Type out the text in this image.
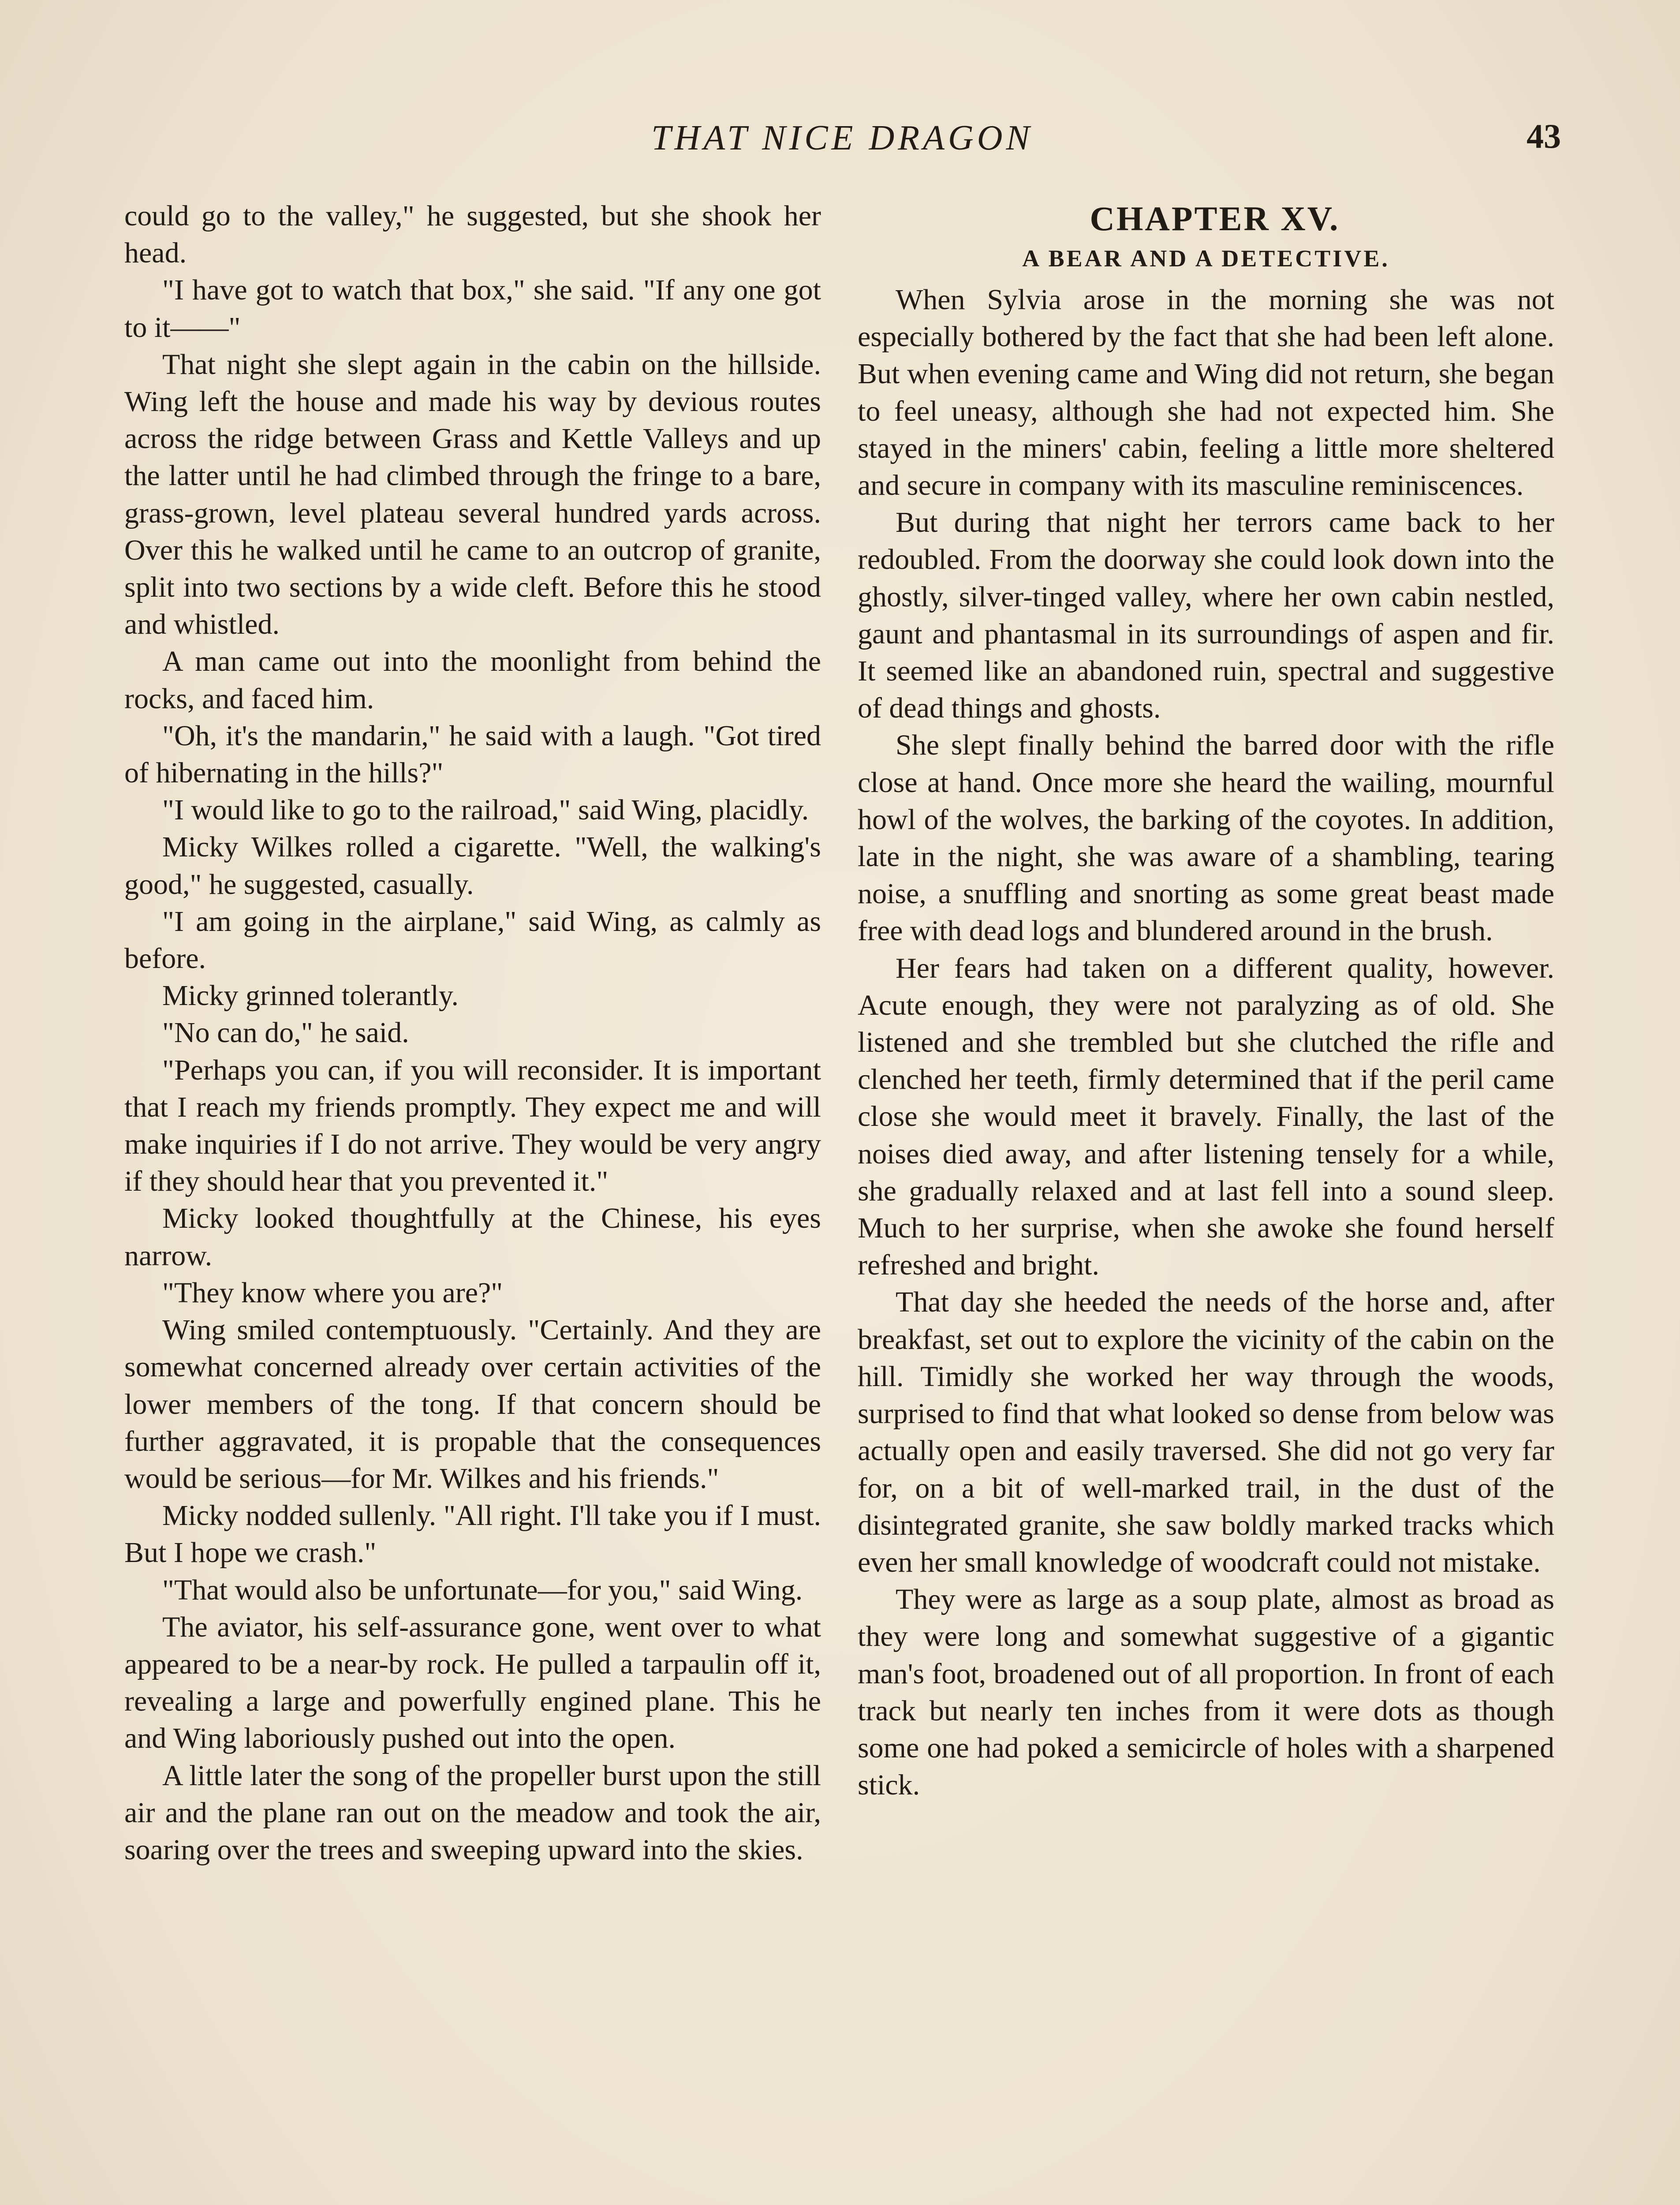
THAT NICE DRAGON	43

could go to the valley," he suggested, but she shook her head.

"I have got to watch that box," she said. "If any one got to it——"

That night she slept again in the cabin on the hillside. Wing left the house and made his way by devious routes across the ridge between Grass and Kettle Valleys and up the latter until he had climbed through the fringe to a bare, grass-grown, level plateau several hundred yards across. Over this he walked until he came to an outcrop of granite, split into two sections by a wide cleft. Before this he stood and whistled.

A man came out into the moonlight from behind the rocks, and faced him.

"Oh, it's the mandarin," he said with a laugh. "Got tired of hibernating in the hills?"

"I would like to go to the railroad," said Wing, placidly.

Micky Wilkes rolled a cigarette. "Well, the walking's good," he suggested, casually.

"I am going in the airplane," said Wing, as calmly as before.

Micky grinned tolerantly.

"No can do," he said.

"Perhaps you can, if you will reconsider. It is important that I reach my friends promptly. They expect me and will make inquiries if I do not arrive. They would be very angry if they should hear that you prevented it."

Micky looked thoughtfully at the Chinese, his eyes narrow.

"They know where you are?"

Wing smiled contemptuously. "Certainly. And they are somewhat concerned already over certain activities of the lower members of the tong. If that concern should be further aggravated, it is propable that the consequences would be serious—for Mr. Wilkes and his friends."

Micky nodded sullenly. "All right. I'll take you if I must. But I hope we crash."

"That would also be unfortunate—for you," said Wing.

The aviator, his self-assurance gone, went over to what appeared to be a near-by rock. He pulled a tarpaulin off it, revealing a large and powerfully engined plane. This he and Wing laboriously pushed out into the open.

A little later the song of the propeller burst upon the still air and the plane ran out on the meadow and took the air, soaring over the trees and sweeping upward into the skies.

CHAPTER XV.
A BEAR AND A DETECTIVE.

When Sylvia arose in the morning she was not especially bothered by the fact that she had been left alone. But when evening came and Wing did not return, she began to feel uneasy, although she had not expected him. She stayed in the miners' cabin, feeling a little more sheltered and secure in company with its masculine reminiscences.

But during that night her terrors came back to her redoubled. From the doorway she could look down into the ghostly, silver-tinged valley, where her own cabin nestled, gaunt and phantasmal in its surroundings of aspen and fir. It seemed like an abandoned ruin, spectral and suggestive of dead things and ghosts.

She slept finally behind the barred door with the rifle close at hand. Once more she heard the wailing, mournful howl of the wolves, the barking of the coyotes. In addition, late in the night, she was aware of a shambling, tearing noise, a snuffling and snorting as some great beast made free with dead logs and blundered around in the brush.

Her fears had taken on a different quality, however. Acute enough, they were not paralyzing as of old. She listened and she trembled but she clutched the rifle and clenched her teeth, firmly determined that if the peril came close she would meet it bravely. Finally, the last of the noises died away, and after listening tensely for a while, she gradually relaxed and at last fell into a sound sleep. Much to her surprise, when she awoke she found herself refreshed and bright.

That day she heeded the needs of the horse and, after breakfast, set out to explore the vicinity of the cabin on the hill. Timidly she worked her way through the woods, surprised to find that what looked so dense from below was actually open and easily traversed. She did not go very far for, on a bit of well-marked trail, in the dust of the disintegrated granite, she saw boldly marked tracks which even her small knowledge of woodcraft could not mistake.

They were as large as a soup plate, almost as broad as they were long and somewhat suggestive of a gigantic man's foot, broadened out of all proportion. In front of each track but nearly ten inches from it were dots as though some one had poked a semicircle of holes with a sharpened stick.
